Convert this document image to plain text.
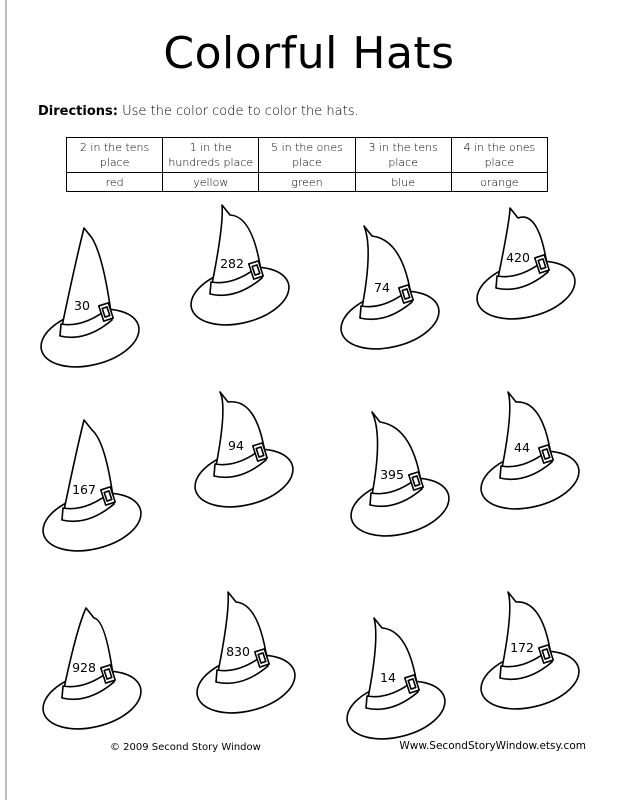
Colorful Hats
Directions: Use the color code to color the hats.
2 in the tens place	1 in the hundreds place	5 in the ones place	3 in the tens place	4 in the ones place
red	yellow	green	blue	orange
30
282
74
420
167
94
395
44
928
830
14
172
© 2009 Second Story Window	Www.SecondStoryWindow.etsy.com
